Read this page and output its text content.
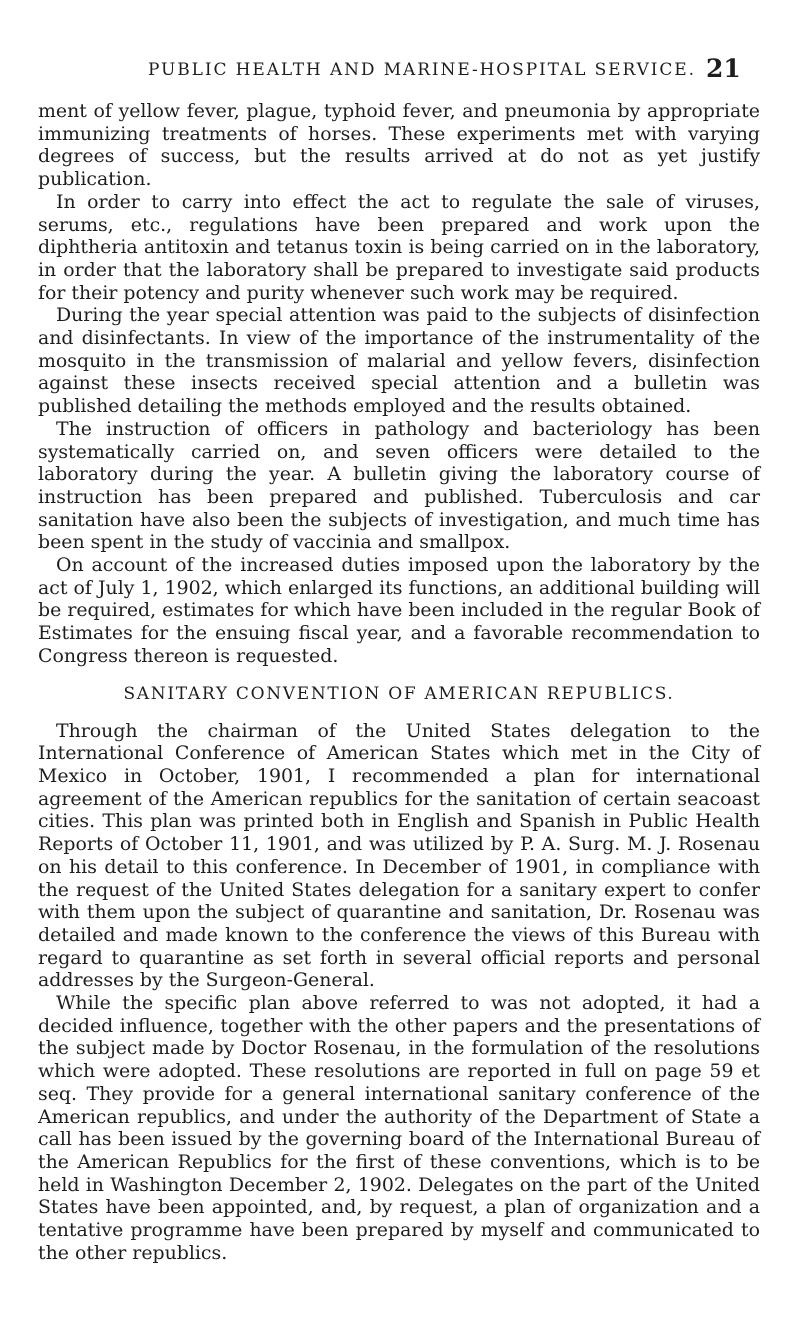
PUBLIC HEALTH AND MARINE-HOSPITAL SERVICE. 21

ment of yellow fever, plague, typhoid fever, and pneumonia by appropriate immunizing treatments of horses. These experiments met with varying degrees of success, but the results arrived at do not as yet justify publication.

In order to carry into effect the act to regulate the sale of viruses, serums, etc., regulations have been prepared and work upon the diphtheria antitoxin and tetanus toxin is being carried on in the laboratory, in order that the laboratory shall be prepared to investigate said products for their potency and purity whenever such work may be required.

During the year special attention was paid to the subjects of disinfection and disinfectants. In view of the importance of the instrumentality of the mosquito in the transmission of malarial and yellow fevers, disinfection against these insects received special attention and a bulletin was published detailing the methods employed and the results obtained.

The instruction of officers in pathology and bacteriology has been systematically carried on, and seven officers were detailed to the laboratory during the year. A bulletin giving the laboratory course of instruction has been prepared and published. Tuberculosis and car sanitation have also been the subjects of investigation, and much time has been spent in the study of vaccinia and smallpox.

On account of the increased duties imposed upon the laboratory by the act of July 1, 1902, which enlarged its functions, an additional building will be required, estimates for which have been included in the regular Book of Estimates for the ensuing fiscal year, and a favorable recommendation to Congress thereon is requested.

SANITARY CONVENTION OF AMERICAN REPUBLICS.

Through the chairman of the United States delegation to the International Conference of American States which met in the City of Mexico in October, 1901, I recommended a plan for international agreement of the American republics for the sanitation of certain seacoast cities. This plan was printed both in English and Spanish in Public Health Reports of October 11, 1901, and was utilized by P. A. Surg. M. J. Rosenau on his detail to this conference. In December of 1901, in compliance with the request of the United States delegation for a sanitary expert to confer with them upon the subject of quarantine and sanitation, Dr. Rosenau was detailed and made known to the conference the views of this Bureau with regard to quarantine as set forth in several official reports and personal addresses by the Surgeon-General.

While the specific plan above referred to was not adopted, it had a decided influence, together with the other papers and the presentations of the subject made by Doctor Rosenau, in the formulation of the resolutions which were adopted. These resolutions are reported in full on page 59 et seq. They provide for a general international sanitary conference of the American republics, and under the authority of the Department of State a call has been issued by the governing board of the International Bureau of the American Republics for the first of these conventions, which is to be held in Washington December 2, 1902. Delegates on the part of the United States have been appointed, and, by request, a plan of organization and a tentative programme have been prepared by myself and communicated to the other republics.
